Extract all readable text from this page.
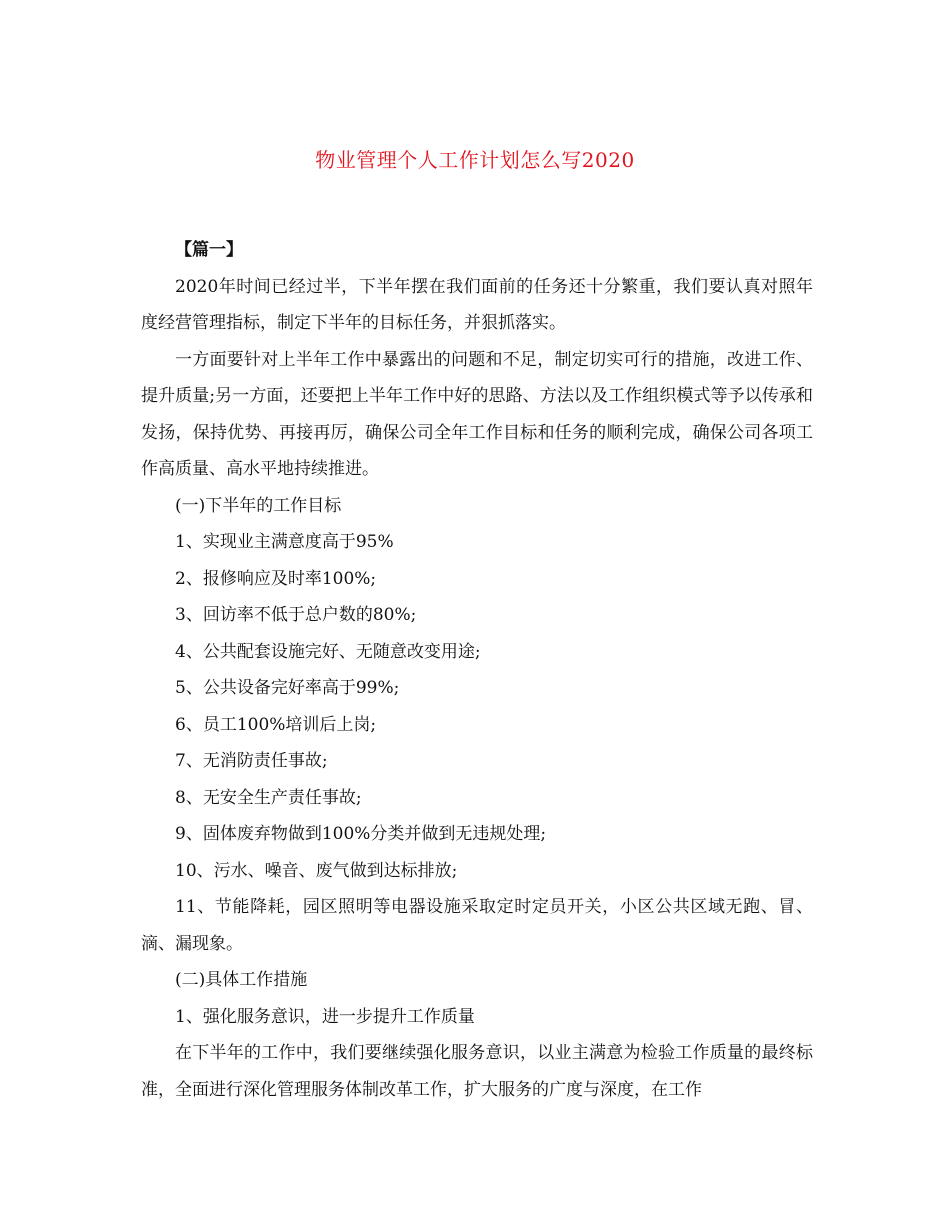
物业管理个人工作计划怎么写2020

【篇一】

2020年时间已经过半，下半年摆在我们面前的任务还十分繁重，我们要认真对照年度经营管理指标，制定下半年的目标任务，并狠抓落实。

一方面要针对上半年工作中暴露出的问题和不足，制定切实可行的措施，改进工作、提升质量;另一方面，还要把上半年工作中好的思路、方法以及工作组织模式等予以传承和发扬，保持优势、再接再厉，确保公司全年工作目标和任务的顺利完成，确保公司各项工作高质量、高水平地持续推进。

(一)下半年的工作目标

1、实现业主满意度高于95%

2、报修响应及时率100%;

3、回访率不低于总户数的80%;

4、公共配套设施完好、无随意改变用途;

5、公共设备完好率高于99%;

6、员工100%培训后上岗;

7、无消防责任事故;

8、无安全生产责任事故;

9、固体废弃物做到100%分类并做到无违规处理;

10、污水、噪音、废气做到达标排放;

11、节能降耗，园区照明等电器设施采取定时定员开关，小区公共区域无跑、冒、滴、漏现象。

(二)具体工作措施

1、强化服务意识，进一步提升工作质量

在下半年的工作中，我们要继续强化服务意识，以业主满意为检验工作质量的最终标准，全面进行深化管理服务体制改革工作，扩大服务的广度与深度，在工作
